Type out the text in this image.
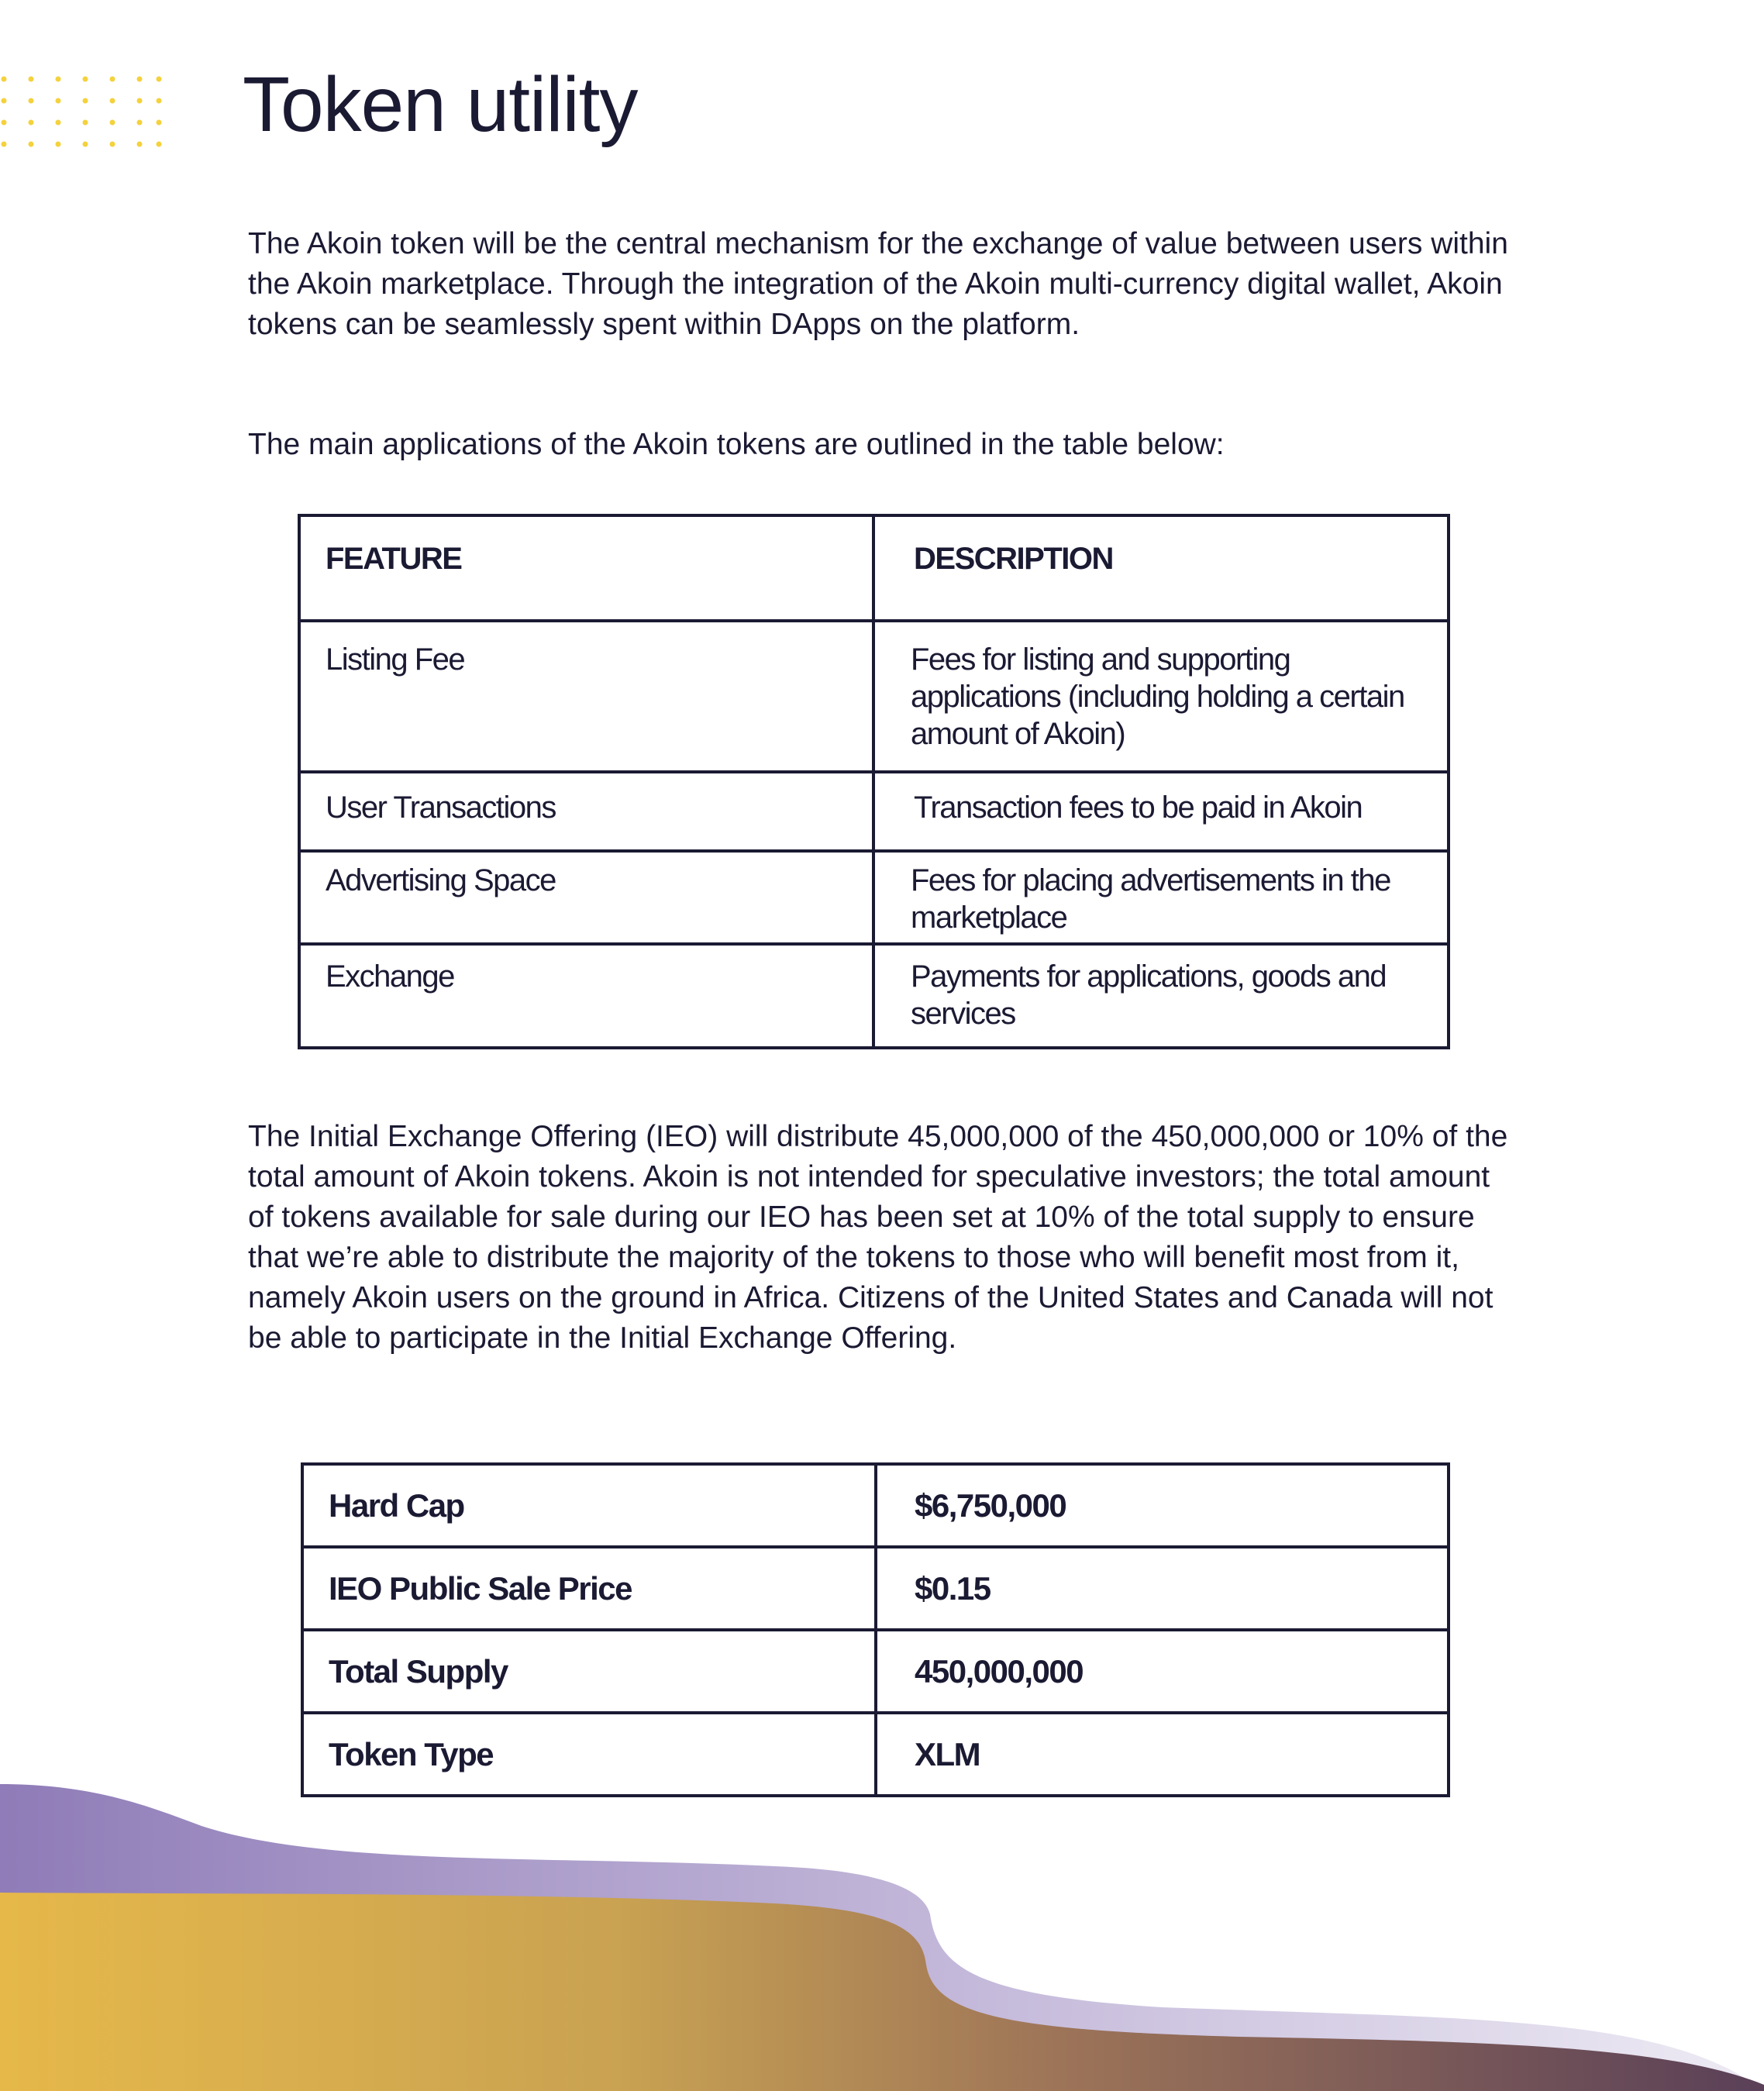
Token utility

The Akoin token will be the central mechanism for the exchange of value between users within the Akoin marketplace. Through the integration of the Akoin multi-currency digital wallet, Akoin tokens can be seamlessly spent within DApps on the platform.

The main applications of the Akoin tokens are outlined in the table below:

FEATURE	DESCRIPTION
Listing Fee	Fees for listing and supporting applications (including holding a certain amount of Akoin)
User Transactions	Transaction fees to be paid in Akoin
Advertising Space	Fees for placing advertisements in the marketplace
Exchange	Payments for applications, goods and services

The Initial Exchange Offering (IEO) will distribute 45,000,000 of the 450,000,000 or 10% of the total amount of Akoin tokens. Akoin is not intended for speculative investors; the total amount of tokens available for sale during our IEO has been set at 10% of the total supply to ensure that we’re able to distribute the majority of the tokens to those who will benefit most from it, namely Akoin users on the ground in Africa. Citizens of the United States and Canada will not be able to participate in the Initial Exchange Offering.

Hard Cap	$6,750,000
IEO Public Sale Price	$0.15
Total Supply	450,000,000
Token Type	XLM
